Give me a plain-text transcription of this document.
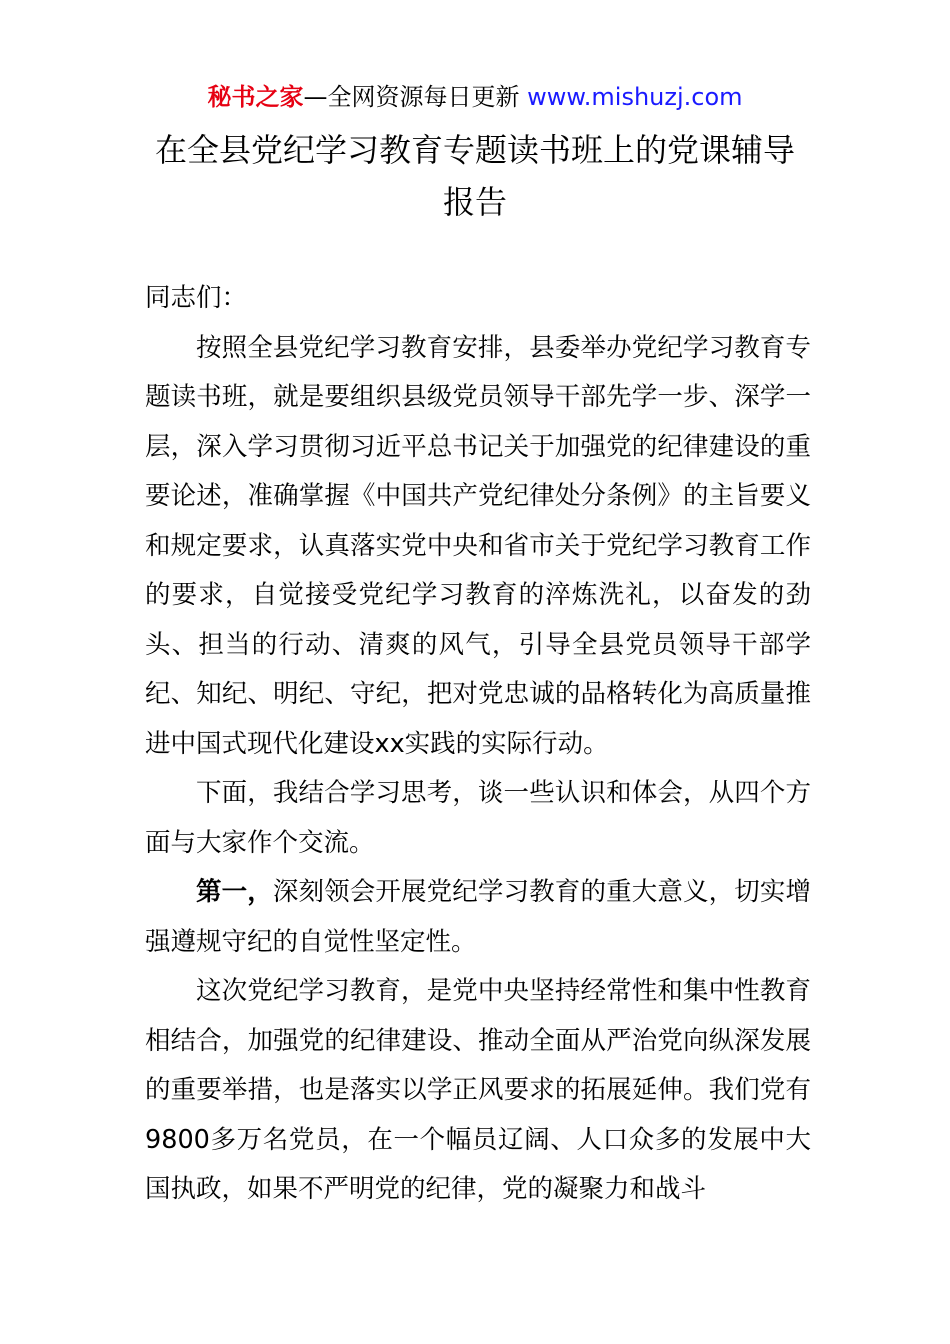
秘书之家—全网资源每日更新 www.mishuzj.com
在全县党纪学习教育专题读书班上的党课辅导报告

同志们：

按照全县党纪学习教育安排，县委举办党纪学习教育专题读书班，就是要组织县级党员领导干部先学一步、深学一层，深入学习贯彻习近平总书记关于加强党的纪律建设的重要论述，准确掌握《中国共产党纪律处分条例》的主旨要义和规定要求，认真落实党中央和省市关于党纪学习教育工作的要求，自觉接受党纪学习教育的淬炼洗礼，以奋发的劲头、担当的行动、清爽的风气，引导全县党员领导干部学纪、知纪、明纪、守纪，把对党忠诚的品格转化为高质量推进中国式现代化建设xx实践的实际行动。

下面，我结合学习思考，谈一些认识和体会，从四个方面与大家作个交流。

第一，深刻领会开展党纪学习教育的重大意义，切实增强遵规守纪的自觉性坚定性。

这次党纪学习教育，是党中央坚持经常性和集中性教育相结合，加强党的纪律建设、推动全面从严治党向纵深发展的重要举措，也是落实以学正风要求的拓展延伸。我们党有9800多万名党员，在一个幅员辽阔、人口众多的发展中大国执政，如果不严明党的纪律，党的凝聚力和战斗
